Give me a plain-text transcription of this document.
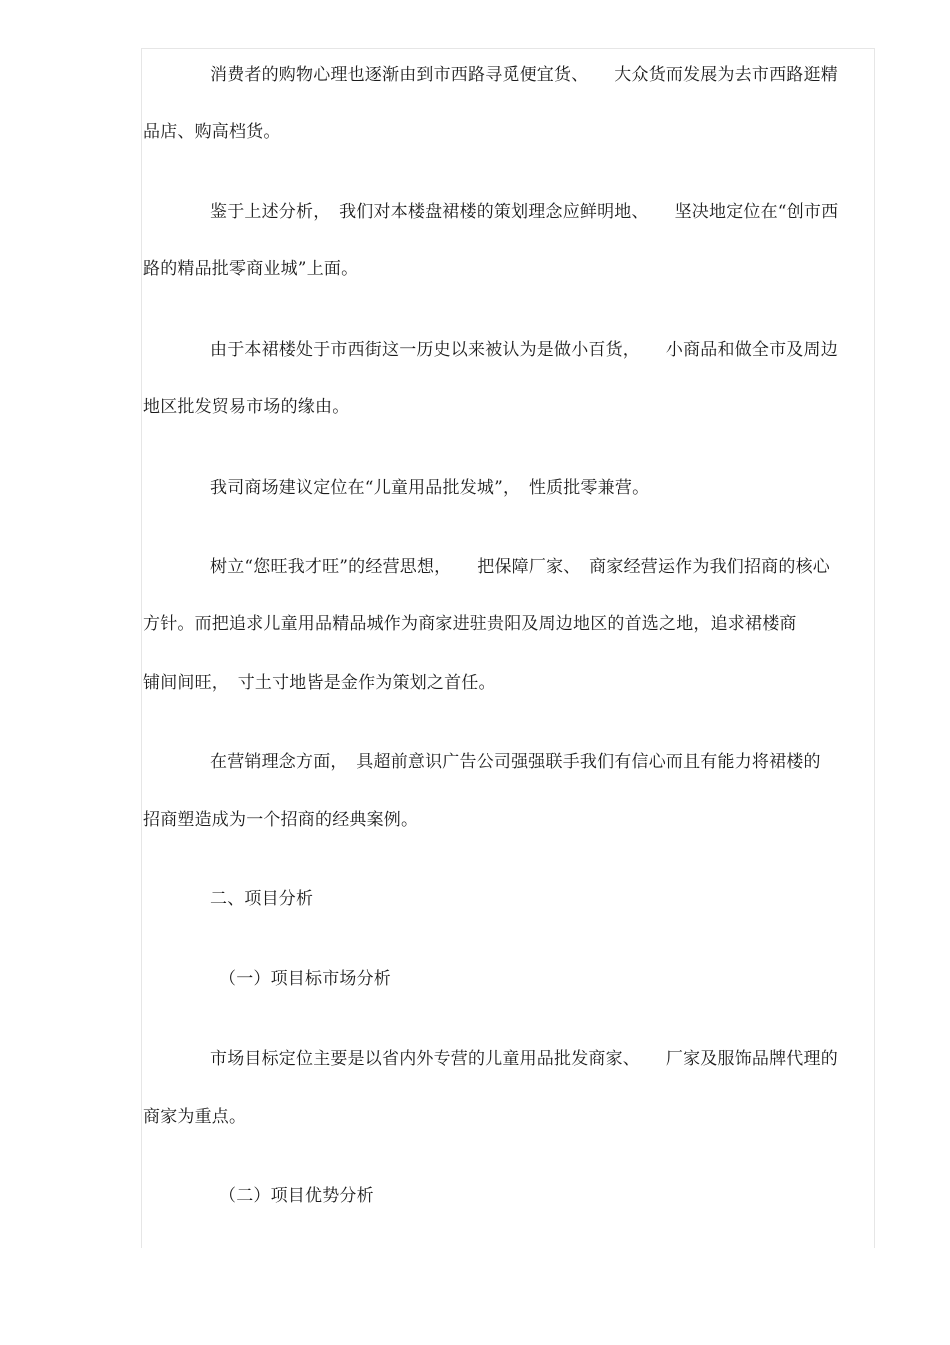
消费者的购物心理也逐渐由到市西路寻觅便宜货、　　大众货而发展为去市西路逛精
品店、购高档货。
鉴于上述分析，　我们对本楼盘裙楼的策划理念应鲜明地、　　坚决地定位在“创市西
路的精品批零商业城”上面。
由于本裙楼处于市西街这一历史以来被认为是做小百货，　　小商品和做全市及周边
地区批发贸易市场的缘由。
我司商场建议定位在“儿童用品批发城”，　性质批零兼营。
树立“您旺我才旺”的经营思想，　　把保障厂家、　商家经营运作为我们招商的核心
方针。而把追求儿童用品精品城作为商家进驻贵阳及周边地区的首选之地，追求裙楼商
铺间间旺，　寸土寸地皆是金作为策划之首任。
在营销理念方面，　具超前意识广告公司强强联手我们有信心而且有能力将裙楼的
招商塑造成为一个招商的经典案例。
二、项目分析
（一）项目标市场分析
市场目标定位主要是以省内外专营的儿童用品批发商家、　　厂家及服饰品牌代理的
商家为重点。
（二）项目优势分析
